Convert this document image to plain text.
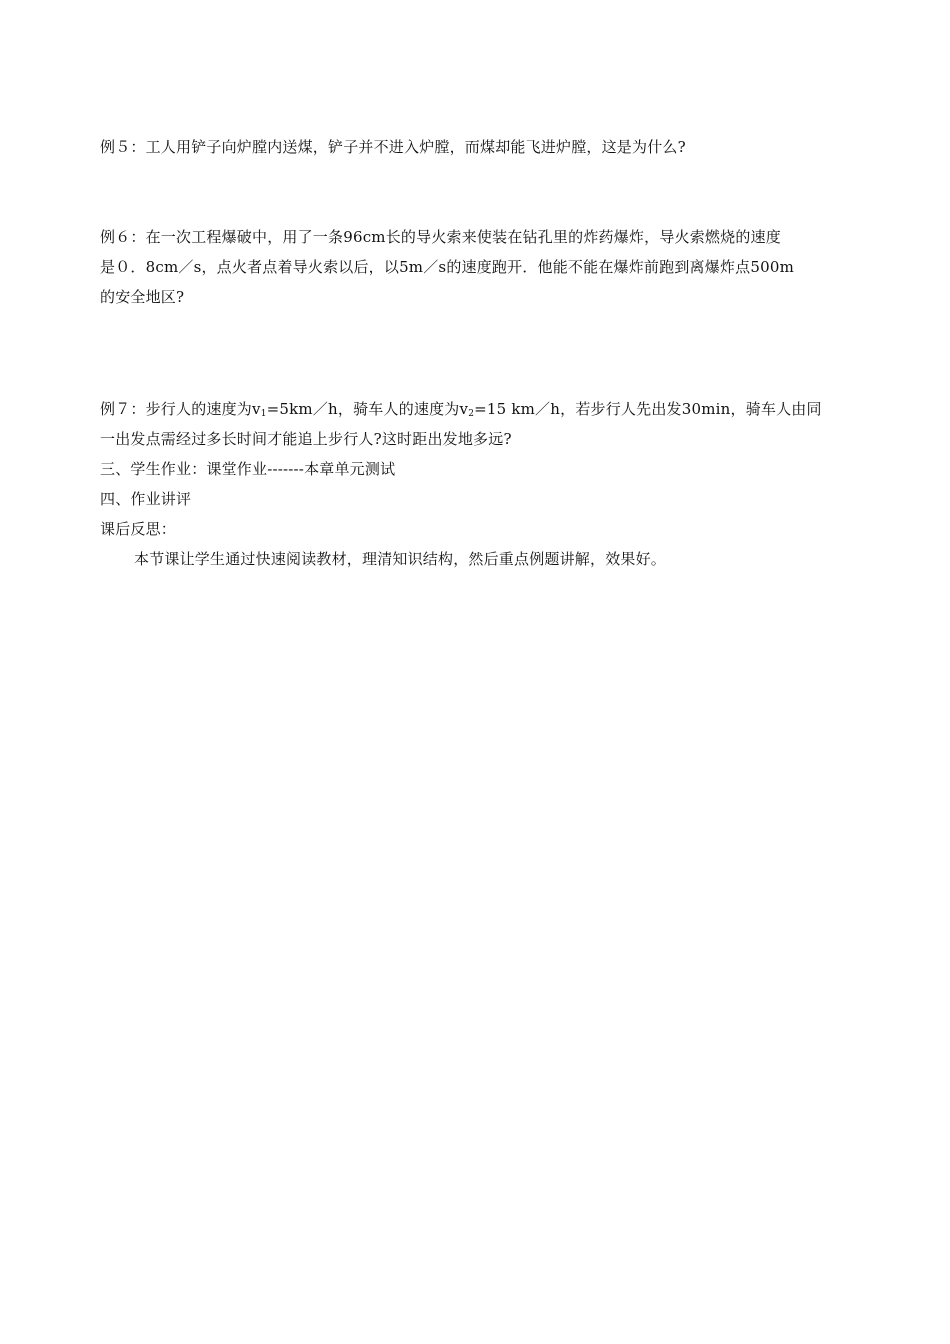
例５：工人用铲子向炉膛内送煤，铲子并不进入炉膛，而煤却能飞进炉膛，这是为什么?
例６：在一次工程爆破中，用了一条96cm长的导火索来使装在钻孔里的炸药爆炸，导火索燃烧的速度
是０．8cm／s，点火者点着导火索以后，以5m／s的速度跑开．他能不能在爆炸前跑到离爆炸点500m
的安全地区?
例７：步行人的速度为$v_1=5km/h$，骑车人的速度为$v_2=15$ km／h，若步行人先出发30min，骑车人由同
一出发点需经过多长时间才能追上步行人?这时距出发地多远?
三、学生作业：课堂作业-------本章单元测试
四、作业讲评
课后反思：
本节课让学生通过快速阅读教材，理清知识结构，然后重点例题讲解，效果好。
